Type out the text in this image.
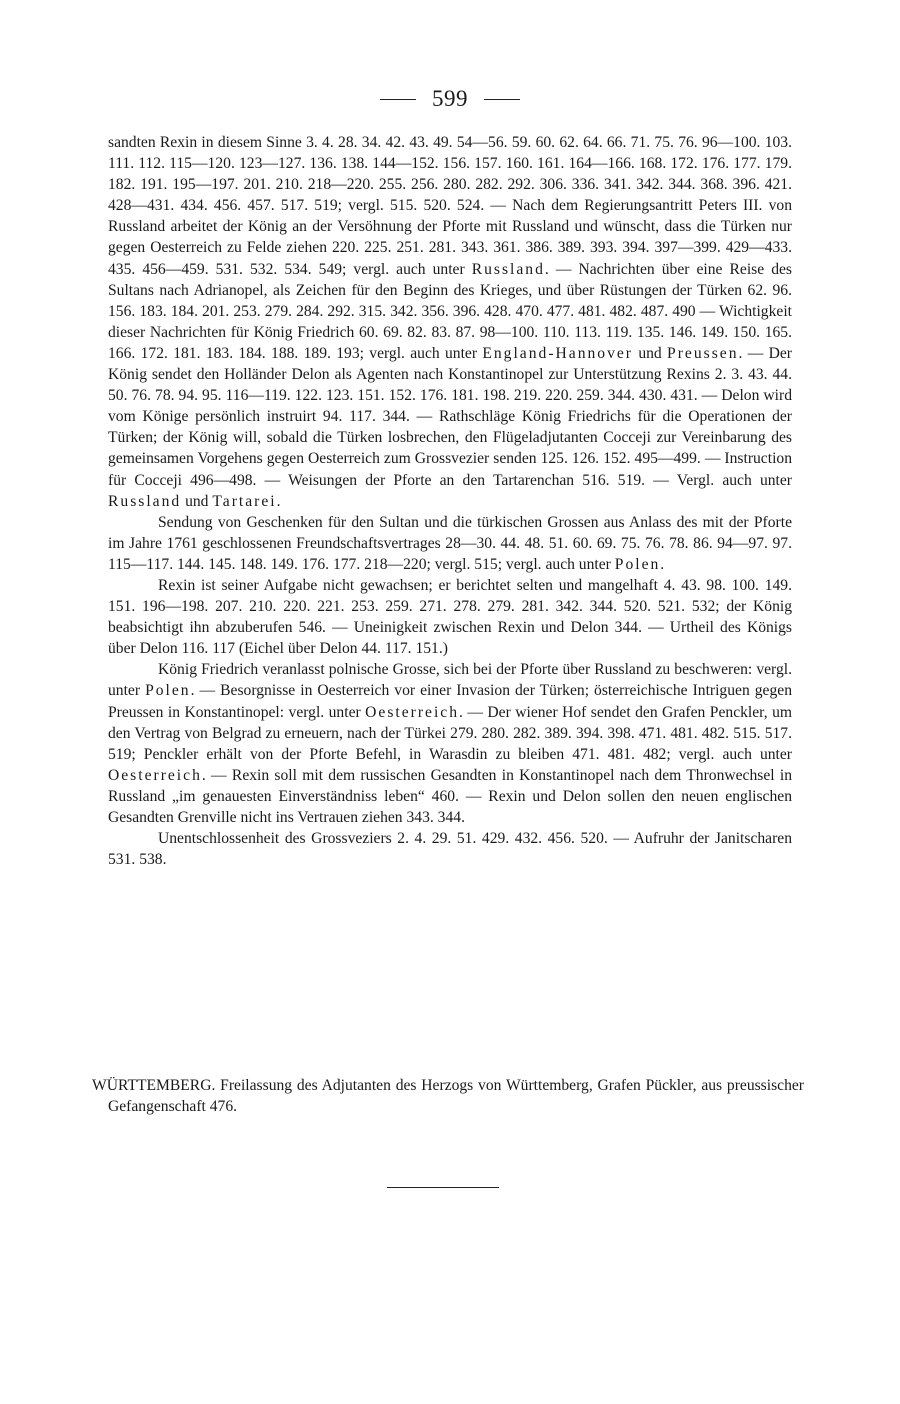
599

sandten Rexin in diesem Sinne 3. 4. 28. 34. 42. 43. 49. 54—56. 59. 60. 62. 64. 66. 71. 75. 76. 96—100. 103. 111. 112. 115—120. 123—127. 136. 138. 144—152. 156. 157. 160. 161. 164—166. 168. 172. 176. 177. 179. 182. 191. 195—197. 201. 210. 218—220. 255. 256. 280. 282. 292. 306. 336. 341. 342. 344. 368. 396. 421. 428—431. 434. 456. 457. 517. 519; vergl. 515. 520. 524. — Nach dem Regierungsantritt Peters III. von Russland arbeitet der König an der Versöhnung der Pforte mit Russland und wünscht, dass die Türken nur gegen Oesterreich zu Felde ziehen 220. 225. 251. 281. 343. 361. 386. 389. 393. 394. 397—399. 429—433. 435. 456—459. 531. 532. 534. 549; vergl. auch unter Russland. — Nachrichten über eine Reise des Sultans nach Adrianopel, als Zeichen für den Beginn des Krieges, und über Rüstungen der Türken 62. 96. 156. 183. 184. 201. 253. 279. 284. 292. 315. 342. 356. 396. 428. 470. 477. 481. 482. 487. 490 — Wichtigkeit dieser Nachrichten für König Friedrich 60. 69. 82. 83. 87. 98—100. 110. 113. 119. 135. 146. 149. 150. 165. 166. 172. 181. 183. 184. 188. 189. 193; vergl. auch unter England-Hannover und Preussen. — Der König sendet den Holländer Delon als Agenten nach Konstantinopel zur Unterstützung Rexins 2. 3. 43. 44. 50. 76. 78. 94. 95. 116—119. 122. 123. 151. 152. 176. 181. 198. 219. 220. 259. 344. 430. 431. — Delon wird vom Könige persönlich instruirt 94. 117. 344. — Rathschläge König Friedrichs für die Operationen der Türken; der König will, sobald die Türken losbrechen, den Flügeladjutanten Cocceji zur Vereinbarung des gemeinsamen Vorgehens gegen Oesterreich zum Grossvezier senden 125. 126. 152. 495—499. — Instruction für Cocceji 496—498. — Weisungen der Pforte an den Tartarenchan 516. 519. — Vergl. auch unter Russland und Tartarei.

Sendung von Geschenken für den Sultan und die türkischen Grossen aus Anlass des mit der Pforte im Jahre 1761 geschlossenen Freundschaftsvertrages 28—30. 44. 48. 51. 60. 69. 75. 76. 78. 86. 94—97. 97. 115—117. 144. 145. 148. 149. 176. 177. 218—220; vergl. 515; vergl. auch unter Polen.

Rexin ist seiner Aufgabe nicht gewachsen; er berichtet selten und mangelhaft 4. 43. 98. 100. 149. 151. 196—198. 207. 210. 220. 221. 253. 259. 271. 278. 279. 281. 342. 344. 520. 521. 532; der König beabsichtigt ihn abzuberufen 546. — Uneinigkeit zwischen Rexin und Delon 344. — Urtheil des Königs über Delon 116. 117 (Eichel über Delon 44. 117. 151.)

König Friedrich veranlasst polnische Grosse, sich bei der Pforte über Russland zu beschweren: vergl. unter Polen. — Besorgnisse in Oesterreich vor einer Invasion der Türken; österreichische Intriguen gegen Preussen in Konstantinopel: vergl. unter Oesterreich. — Der wiener Hof sendet den Grafen Penckler, um den Vertrag von Belgrad zu erneuern, nach der Türkei 279. 280. 282. 389. 394. 398. 471. 481. 482. 515. 517. 519; Penckler erhält von der Pforte Befehl, in Warasdin zu bleiben 471. 481. 482; vergl. auch unter Oesterreich. — Rexin soll mit dem russischen Gesandten in Konstantinopel nach dem Thronwechsel in Russland „im genauesten Einverständniss leben“ 460. — Rexin und Delon sollen den neuen englischen Gesandten Grenville nicht ins Vertrauen ziehen 343. 344.

Unentschlossenheit des Grossveziers 2. 4. 29. 51. 429. 432. 456. 520. — Aufruhr der Janitscharen 531. 538.

WÜRTTEMBERG. Freilassung des Adjutanten des Herzogs von Württemberg, Grafen Pückler, aus preussischer Gefangenschaft 476.
